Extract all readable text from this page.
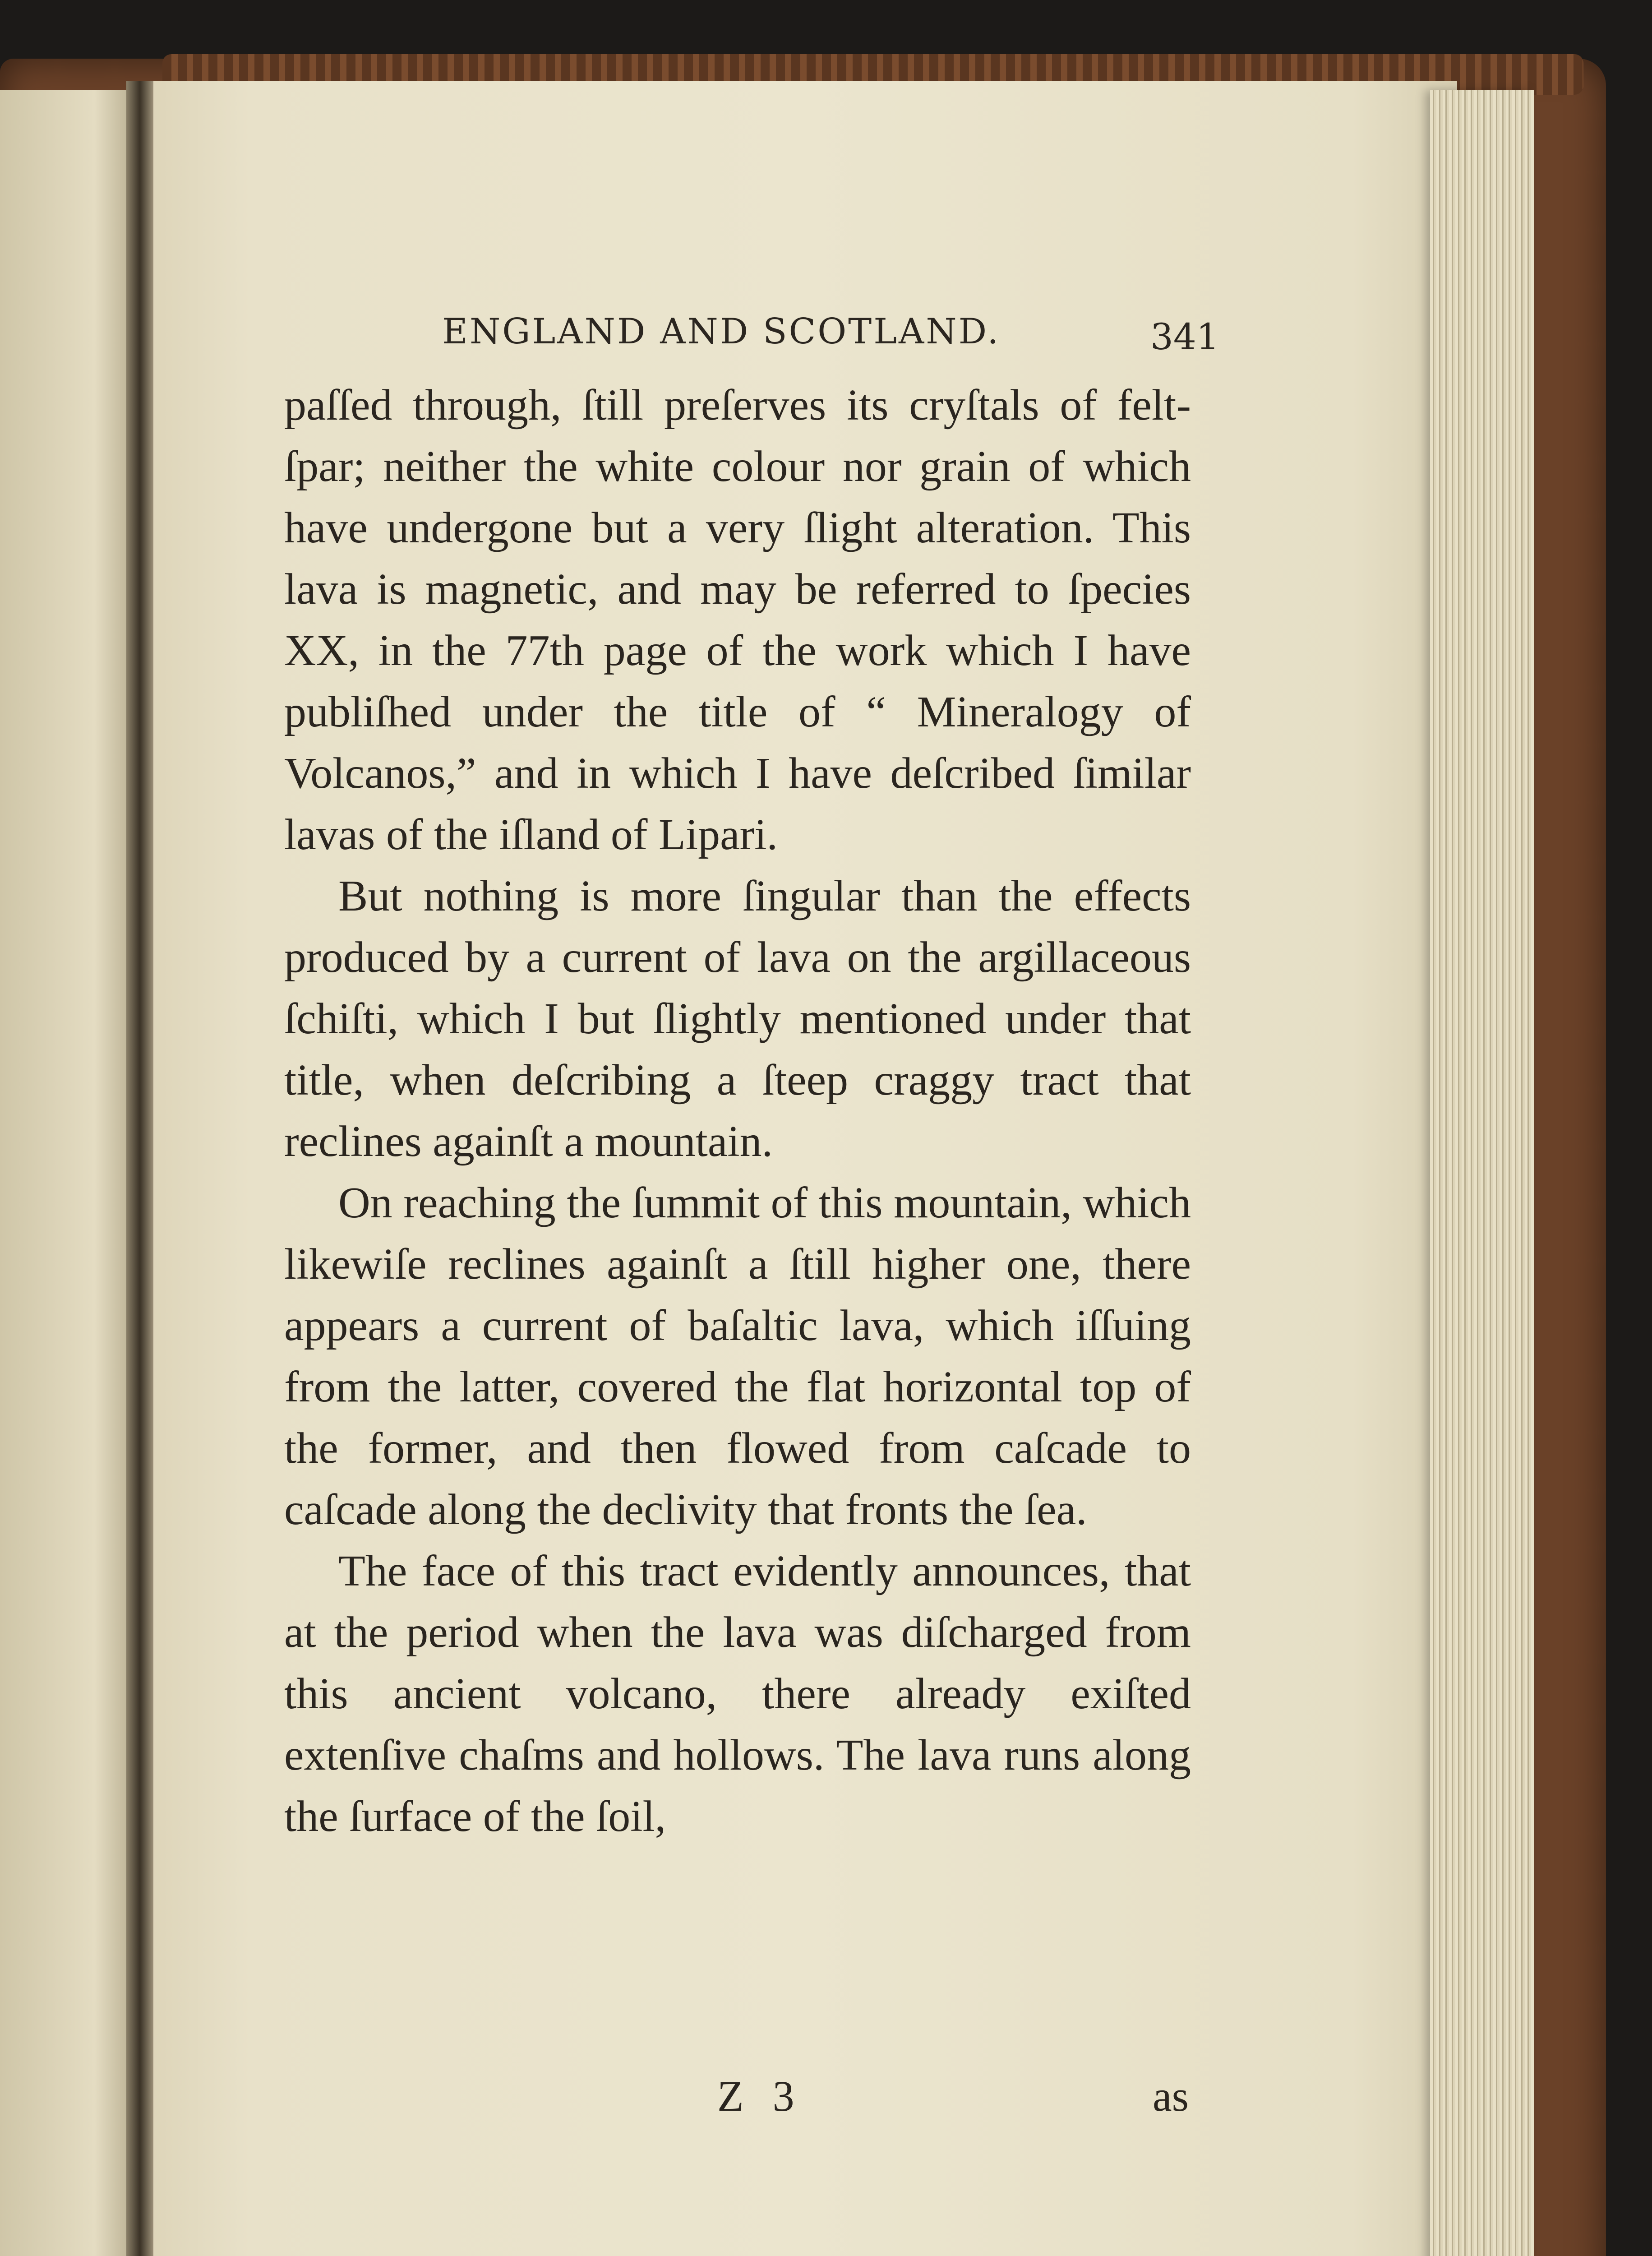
ENGLAND AND SCOTLAND.	341

paſſed through, ſtill preſerves its cryſtals of felt-ſpar; neither the white colour nor grain of which have undergone but a very ſlight alteration. This lava is magnetic, and may be referred to ſpecies XX, in the 77th page of the work which I have publiſhed under the title of “ Mineralogy of Volcanos,” and in which I have deſcribed ſimilar lavas of the iſland of Lipari.

But nothing is more ſingular than the effects produced by a current of lava on the argillaceous ſchiſti, which I but ſlightly mentioned under that title, when deſcribing a ſteep craggy tract that reclines againſt a mountain.

On reaching the ſummit of this mountain, which likewiſe reclines againſt a ſtill higher one, there appears a current of baſaltic lava, which iſſuing from the latter, covered the flat horizontal top of the former, and then flowed from caſcade to caſcade along the declivity that fronts the ſea.

The face of this tract evidently announces, that at the period when the lava was diſcharged from this ancient volcano, there already exiſted extenſive chaſms and hollows. The lava runs along the ſurface of the ſoil,

Z 3	as
